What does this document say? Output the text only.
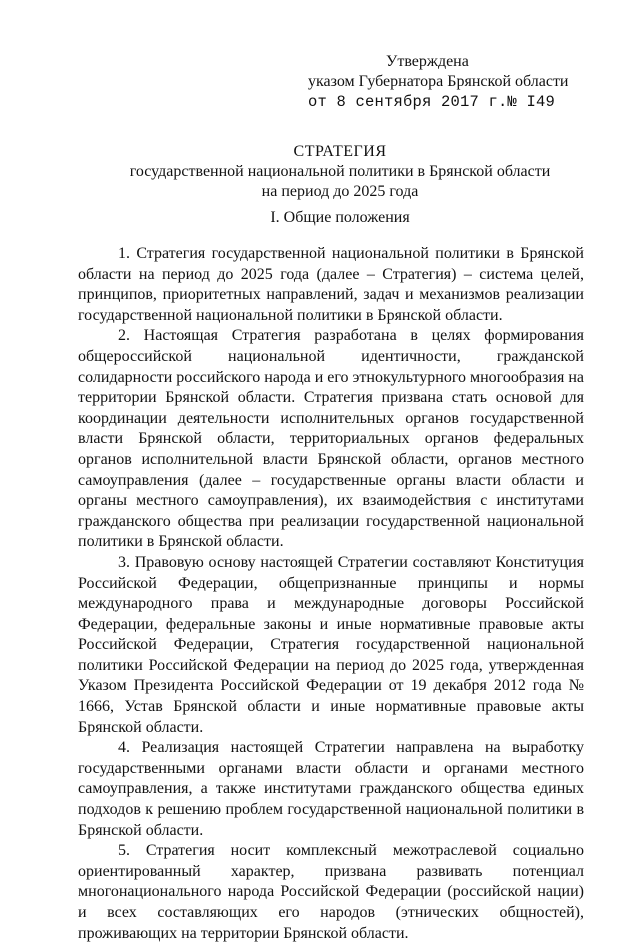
Утверждена
указом Губернатора Брянской области
от 8 сентября 2017 г.№ I49
СТРАТЕГИЯ
государственной национальной политики в Брянской области
на период до 2025 года
I. Общие положения

1. Стратегия государственной национальной политики в Брянской области на период до 2025 года (далее – Стратегия) – система целей, принципов, приоритетных направлений, задач и механизмов реализации государственной национальной политики в Брянской области.

2. Настоящая Стратегия разработана в целях формирования общероссийской национальной идентичности, гражданской солидарности российского народа и его этнокультурного многообразия на территории Брянской области. Стратегия призвана стать основой для координации деятельности исполнительных органов государственной власти Брянской области, территориальных органов федеральных органов исполнительной власти Брянской области, органов местного самоуправления (далее – государственные органы власти области и органы местного самоуправления), их взаимодействия с институтами гражданского общества при реализации государственной национальной политики в Брянской области.

3. Правовую основу настоящей Стратегии составляют Конституция Российской Федерации, общепризнанные принципы и нормы международного права и международные договоры Российской Федерации, федеральные законы и иные нормативные правовые акты Российской Федерации, Стратегия государственной национальной политики Российской Федерации на период до 2025 года, утвержденная Указом Президента Российской Федерации от 19 декабря 2012 года № 1666, Устав Брянской области и иные нормативные правовые акты Брянской области.

4. Реализация настоящей Стратегии направлена на выработку государственными органами власти области и органами местного самоуправления, а также институтами гражданского общества единых подходов к решению проблем государственной национальной политики в Брянской области.

5. Стратегия носит комплексный межотраслевой социально ориентированный характер, призвана развивать потенциал многонационального народа Российской Федерации (российской нации) и всех составляющих его народов (этнических общностей), проживающих на территории Брянской области.
